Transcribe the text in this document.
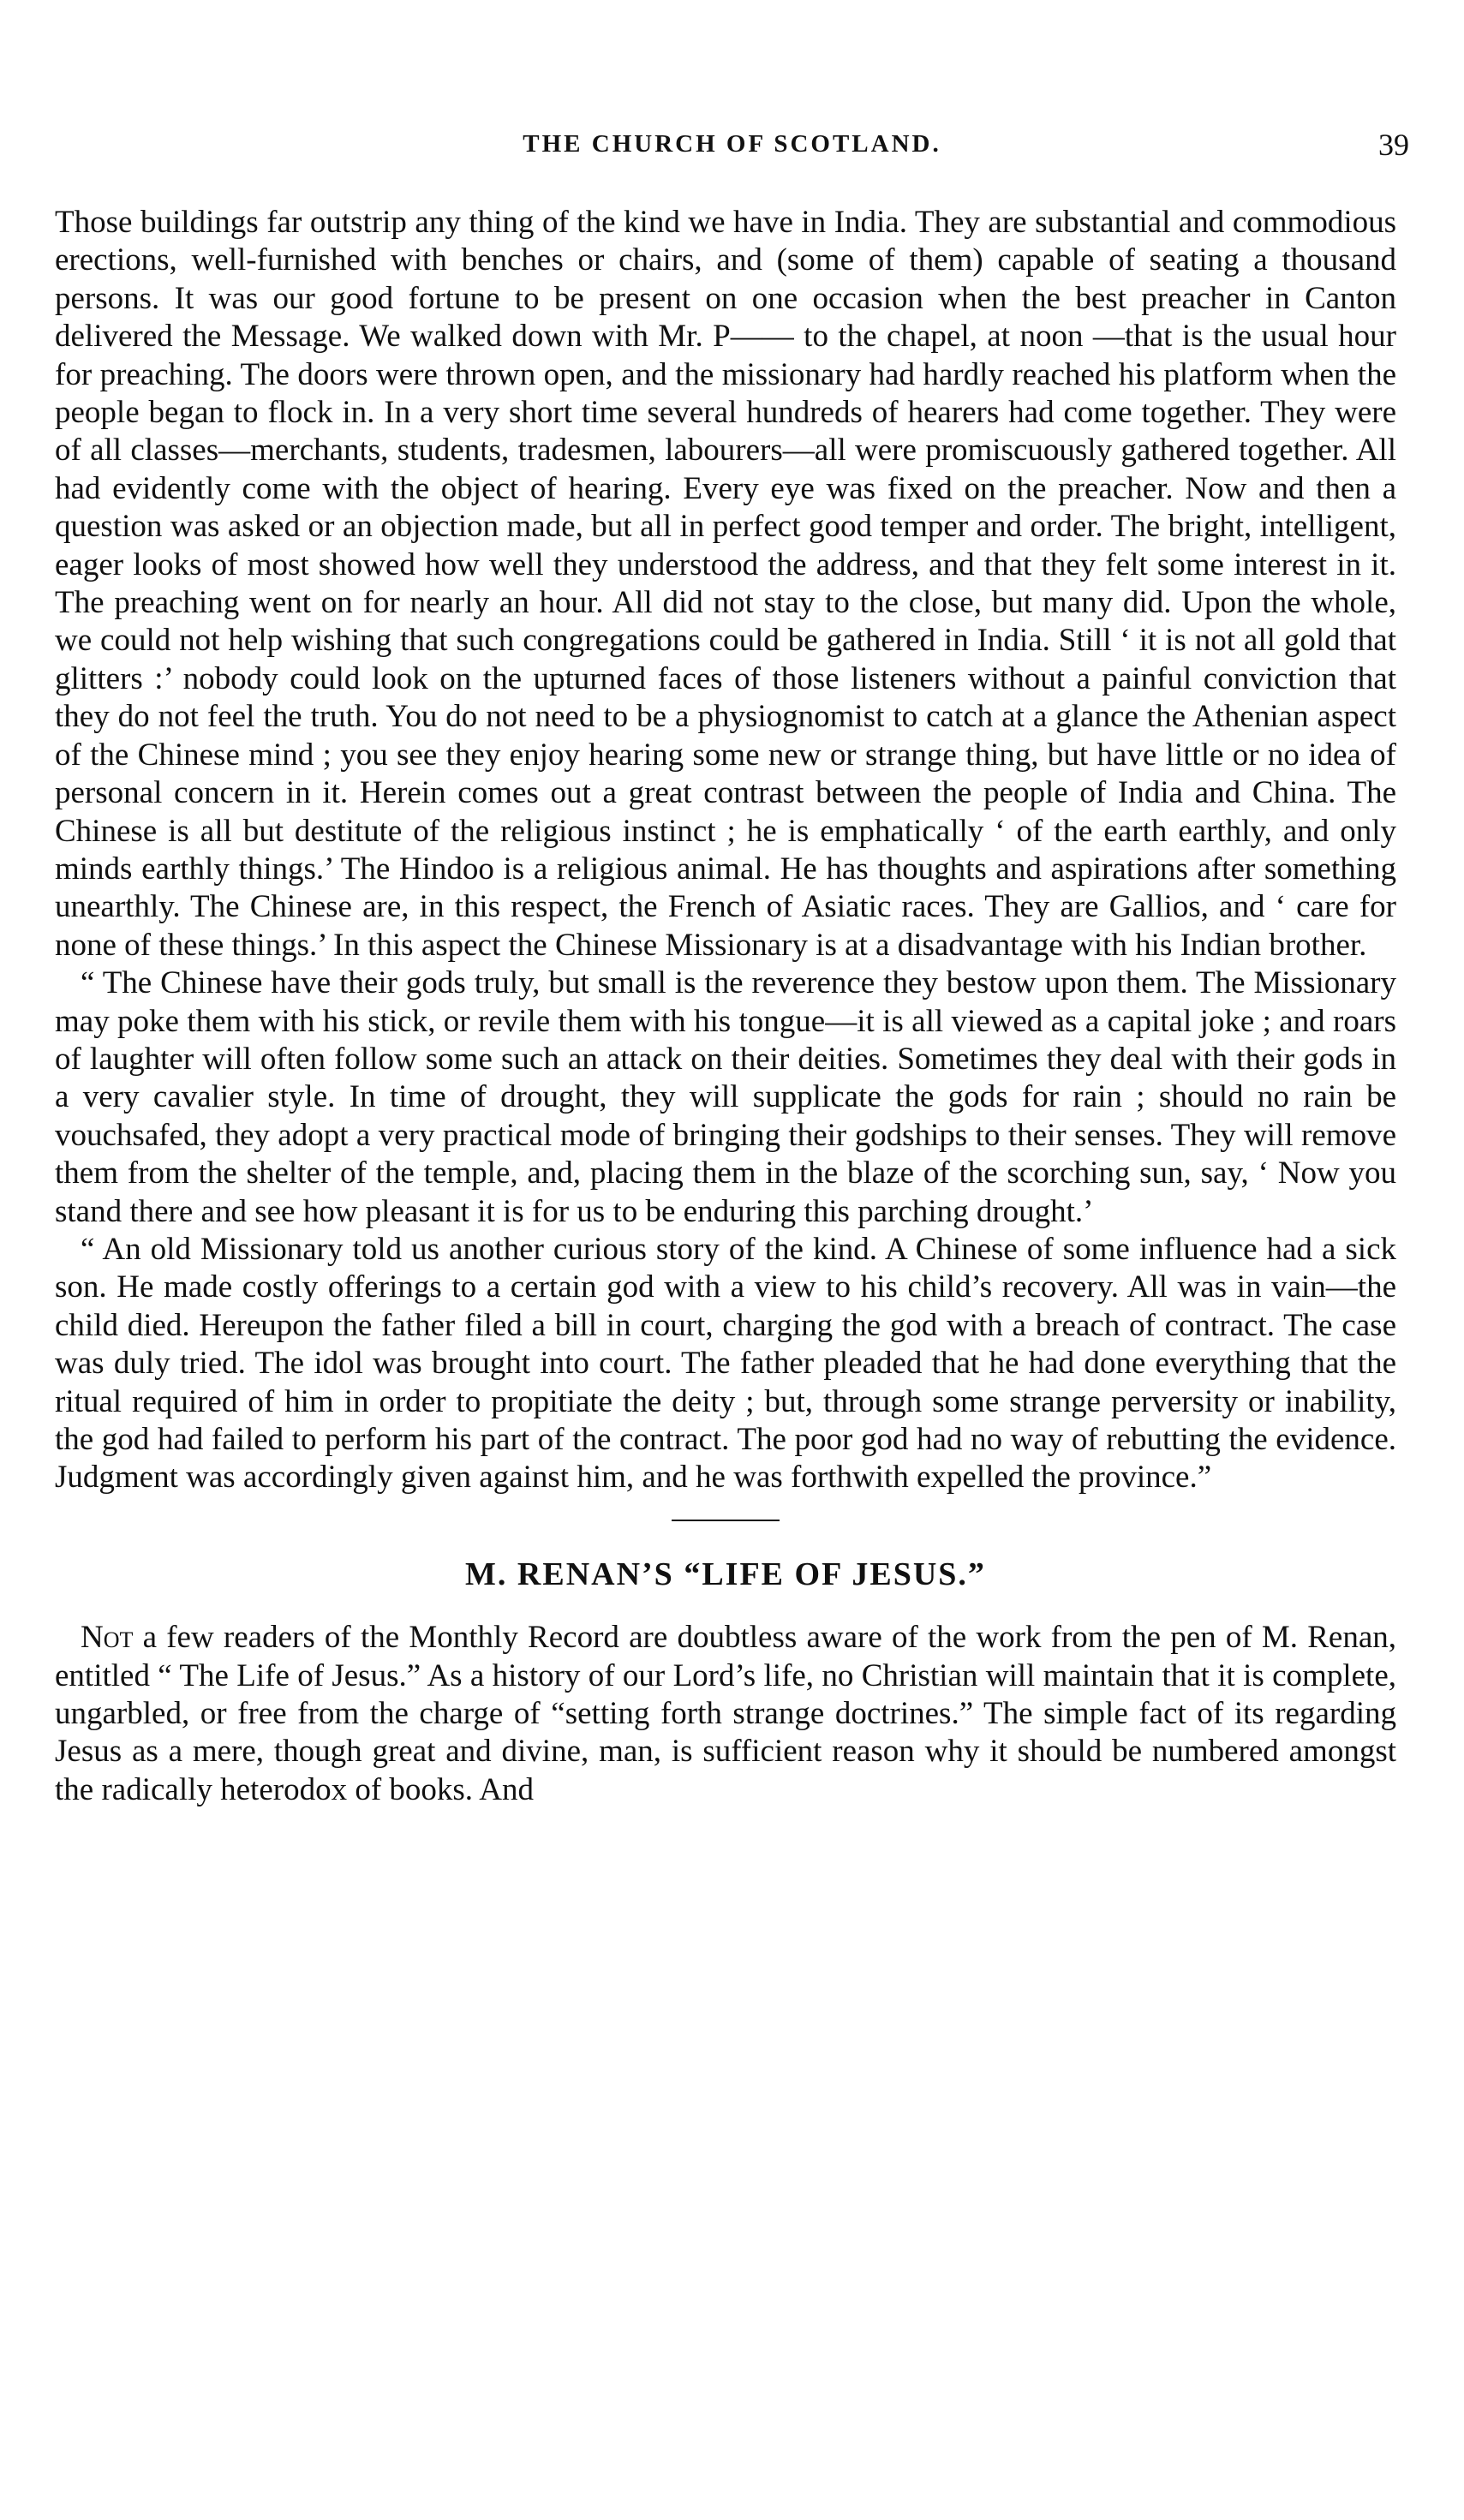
THE CHURCH OF SCOTLAND.	39

Those buildings far outstrip any thing of the kind we have in India. They are substantial and commodious erections, well-furnished with benches or chairs, and (some of them) capable of seating a thousand persons. It was our good fortune to be present on one occasion when the best preacher in Canton delivered the Message. We walked down with Mr. P—— to the chapel, at noon —that is the usual hour for preaching. The doors were thrown open, and the missionary had hardly reached his platform when the people began to flock in. In a very short time several hundreds of hearers had come together. They were of all classes—merchants, students, tradesmen, labourers—all were promiscuously gathered together. All had evidently come with the object of hearing. Every eye was fixed on the preacher. Now and then a question was asked or an objection made, but all in perfect good temper and order. The bright, intelligent, eager looks of most showed how well they understood the address, and that they felt some interest in it. The preaching went on for nearly an hour. All did not stay to the close, but many did. Upon the whole, we could not help wishing that such congregations could be gathered in India. Still ‘ it is not all gold that glitters :’ nobody could look on the upturned faces of those listeners without a painful conviction that they do not feel the truth. You do not need to be a physiognomist to catch at a glance the Athenian aspect of the Chinese mind ; you see they enjoy hearing some new or strange thing, but have little or no idea of personal concern in it. Herein comes out a great contrast between the people of India and China. The Chinese is all but destitute of the religious instinct ; he is emphatically ‘ of the earth earthly, and only minds earthly things.’ The Hindoo is a religious animal. He has thoughts and aspirations after something unearthly. The Chinese are, in this respect, the French of Asiatic races. They are Gallios, and ‘ care for none of these things.’ In this aspect the Chinese Missionary is at a disadvantage with his Indian brother.

“ The Chinese have their gods truly, but small is the reverence they bestow upon them. The Missionary may poke them with his stick, or revile them with his tongue—it is all viewed as a capital joke ; and roars of laughter will often follow some such an attack on their deities. Sometimes they deal with their gods in a very cavalier style. In time of drought, they will supplicate the gods for rain ; should no rain be vouchsafed, they adopt a very practical mode of bringing their godships to their senses. They will remove them from the shelter of the temple, and, placing them in the blaze of the scorching sun, say, ‘ Now you stand there and see how pleasant it is for us to be enduring this parching drought.’

“ An old Missionary told us another curious story of the kind. A Chinese of some influence had a sick son. He made costly offerings to a certain god with a view to his child’s recovery. All was in vain—the child died. Hereupon the father filed a bill in court, charging the god with a breach of contract. The case was duly tried. The idol was brought into court. The father pleaded that he had done everything that the ritual required of him in order to propitiate the deity ; but, through some strange perversity or inability, the god had failed to perform his part of the contract. The poor god had no way of rebutting the evidence. Judgment was accordingly given against him, and he was forthwith expelled the province.”

M. RENAN’S “LIFE OF JESUS.”

Not a few readers of the Monthly Record are doubtless aware of the work from the pen of M. Renan, entitled “ The Life of Jesus.” As a history of our Lord’s life, no Christian will maintain that it is complete, ungarbled, or free from the charge of “setting forth strange doctrines.” The simple fact of its regarding Jesus as a mere, though great and divine, man, is sufficient reason why it should be numbered amongst the radically heterodox of books. And
